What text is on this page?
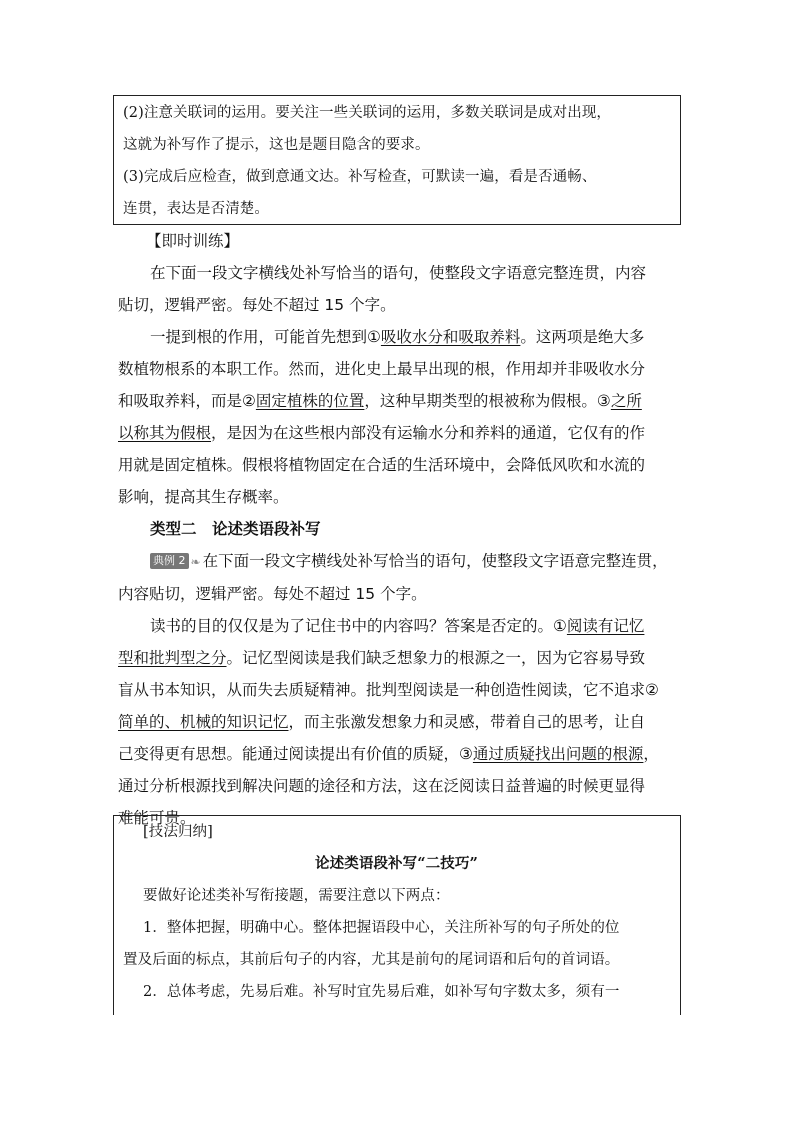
(2)注意关联词的运用。要关注一些关联词的运用，多数关联词是成对出现，
这就为补写作了提示，这也是题目隐含的要求。
(3)完成后应检查，做到意通文达。补写检查，可默读一遍，看是否通畅、
连贯，表达是否清楚。
【即时训练】
在下面一段文字横线处补写恰当的语句，使整段文字语意完整连贯，内容
贴切，逻辑严密。每处不超过 15 个字。
一提到根的作用，可能首先想到①吸收水分和吸取养料。这两项是绝大多
数植物根系的本职工作。然而，进化史上最早出现的根，作用却并非吸收水分
和吸取养料，而是②固定植株的位置，这种早期类型的根被称为假根。③之所
以称其为假根，是因为在这些根内部没有运输水分和养料的通道，它仅有的作
用就是固定植株。假根将植物固定在合适的生活环境中，会降低风吹和水流的
影响，提高其生存概率。
类型二　论述类语段补写
典例 2 ❧ 在下面一段文字横线处补写恰当的语句，使整段文字语意完整连贯，
内容贴切，逻辑严密。每处不超过 15 个字。
读书的目的仅仅是为了记住书中的内容吗？答案是否定的。①阅读有记忆
型和批判型之分。记忆型阅读是我们缺乏想象力的根源之一，因为它容易导致
盲从书本知识，从而失去质疑精神。批判型阅读是一种创造性阅读，它不追求②
简单的、机械的知识记忆，而主张激发想象力和灵感，带着自己的思考，让自
己变得更有思想。能通过阅读提出有价值的质疑，③通过质疑找出问题的根源，
通过分析根源找到解决问题的途径和方法，这在泛阅读日益普遍的时候更显得
难能可贵。
[技法归纳]
论述类语段补写“二技巧”
要做好论述类补写衔接题，需要注意以下两点：
1．整体把握，明确中心。整体把握语段中心，关注所补写的句子所处的位
置及后面的标点，其前后句子的内容，尤其是前句的尾词语和后句的首词语。
2．总体考虑，先易后难。补写时宜先易后难，如补写句字数太多，须有一
